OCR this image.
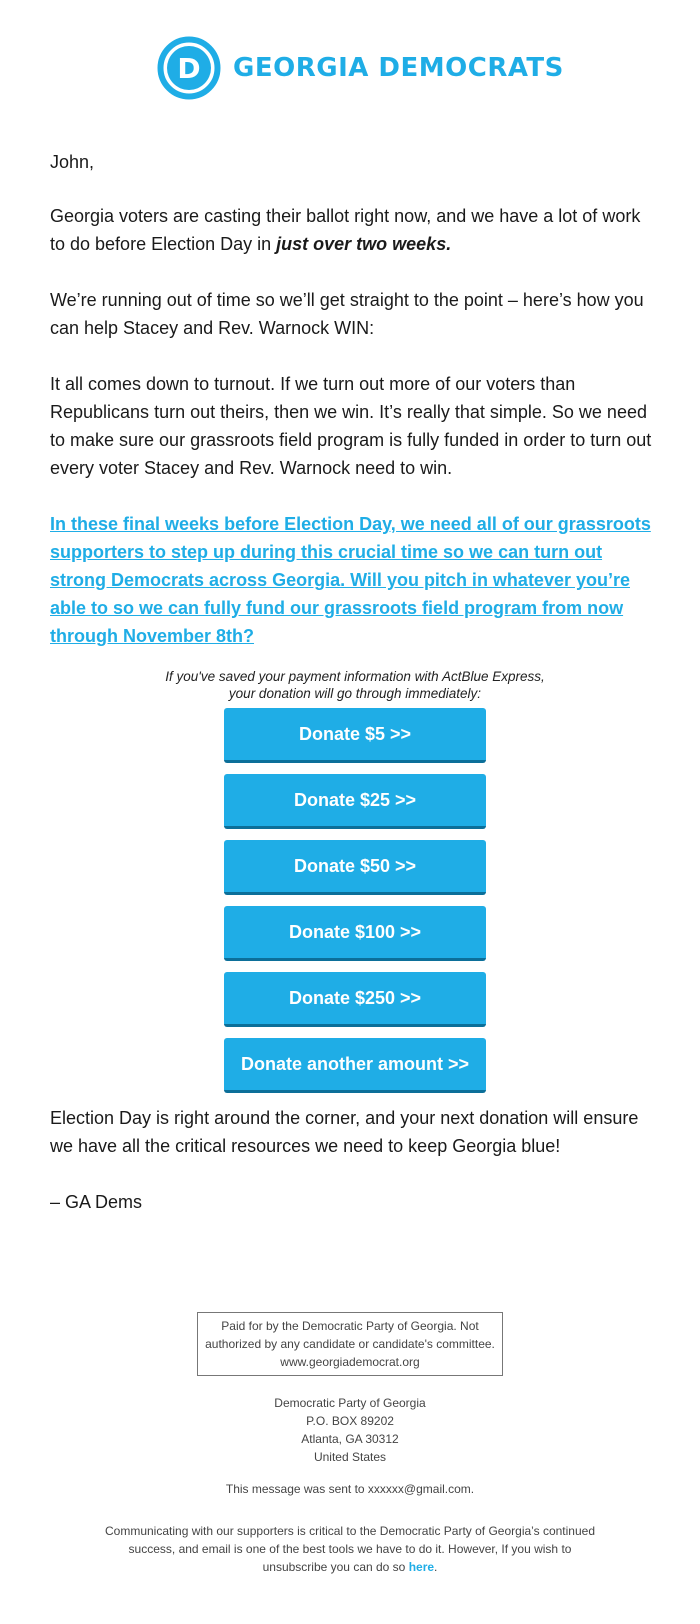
D GEORGIA DEMOCRATS

John,

Georgia voters are casting their ballot right now, and we have a lot of work to do before Election Day in just over two weeks.

We’re running out of time so we’ll get straight to the point – here’s how you can help Stacey and Rev. Warnock WIN:

It all comes down to turnout. If we turn out more of our voters than Republicans turn out theirs, then we win. It’s really that simple. So we need to make sure our grassroots field program is fully funded in order to turn out every voter Stacey and Rev. Warnock need to win.

In these final weeks before Election Day, we need all of our grassroots supporters to step up during this crucial time so we can turn out strong Democrats across Georgia. Will you pitch in whatever you’re able to so we can fully fund our grassroots field program from now through November 8th?
If you've saved your payment information with ActBlue Express,
your donation will go through immediately:
Donate $5 >>
Donate $25 >>
Donate $50 >>
Donate $100 >>
Donate $250 >>
Donate another amount >>

Election Day is right around the corner, and your next donation will ensure we have all the critical resources we need to keep Georgia blue!

– GA Dems

Paid for by the Democratic Party of Georgia. Not
authorized by any candidate or candidate's committee.
www.georgiademocrat.org
Democratic Party of Georgia
P.O. BOX 89202
Atlanta, GA 30312
United States
This message was sent to xxxxxx@gmail.com.
Communicating with our supporters is critical to the Democratic Party of Georgia’s continued
success, and email is one of the best tools we have to do it. However, If you wish to
unsubscribe you can do so here.
